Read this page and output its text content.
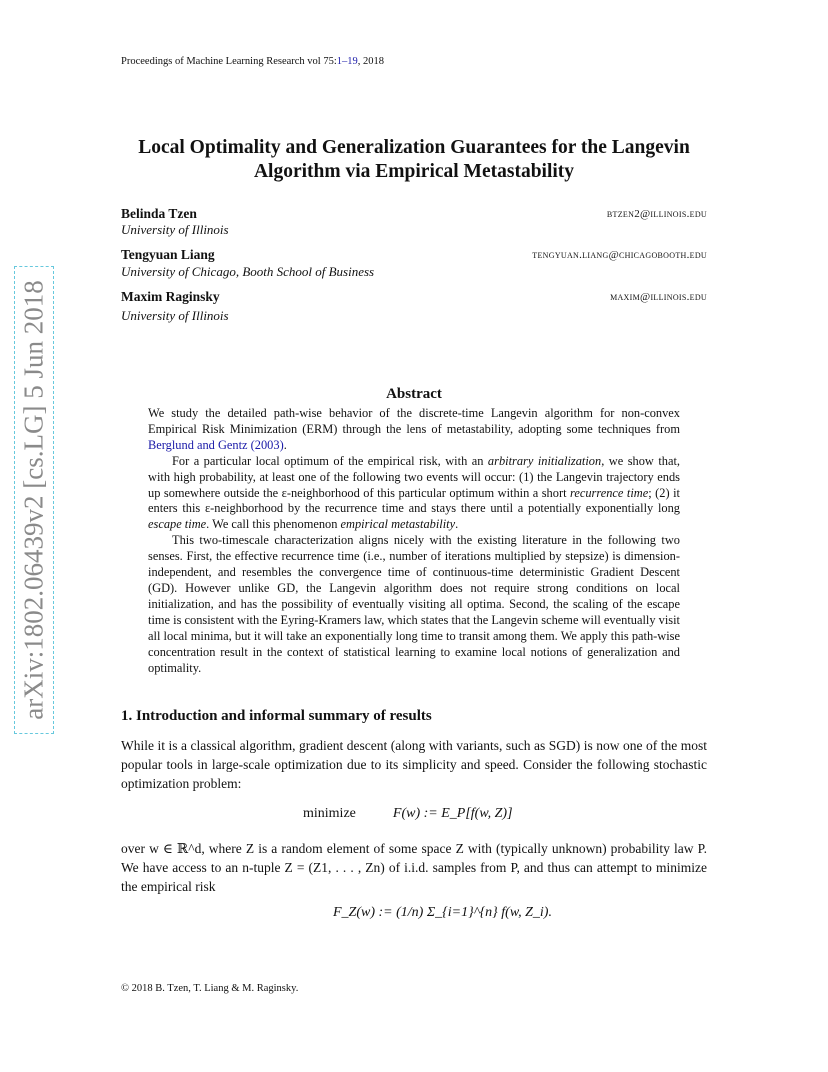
Proceedings of Machine Learning Research vol 75:1–19, 2018
arXiv:1802.06439v2 [cs.LG] 5 Jun 2018
Local Optimality and Generalization Guarantees for the Langevin
Algorithm via Empirical Metastability
Belinda Tzen	btzen2@illinois.edu
University of Illinois
Tengyuan Liang	tengyuan.liang@chicagobooth.edu
University of Chicago, Booth School of Business
Maxim Raginsky	maxim@illinois.edu
University of Illinois
Abstract

We study the detailed path-wise behavior of the discrete-time Langevin algorithm for non-convex Empirical Risk Minimization (ERM) through the lens of metastability, adopting some techniques from Berglund and Gentz (2003).

For a particular local optimum of the empirical risk, with an arbitrary initialization, we show that, with high probability, at least one of the following two events will occur: (1) the Langevin trajectory ends up somewhere outside the ε-neighborhood of this particular optimum within a short recurrence time; (2) it enters this ε-neighborhood by the recurrence time and stays there until a potentially exponentially long escape time. We call this phenomenon empirical metastability.

This two-timescale characterization aligns nicely with the existing literature in the following two senses. First, the effective recurrence time (i.e., number of iterations multiplied by stepsize) is dimension-independent, and resembles the convergence time of continuous-time deterministic Gradient Descent (GD). However unlike GD, the Langevin algorithm does not require strong conditions on local initialization, and has the possibility of eventually visiting all optima. Second, the scaling of the escape time is consistent with the Eyring-Kramers law, which states that the Langevin scheme will eventually visit all local minima, but it will take an exponentially long time to transit among them. We apply this path-wise concentration result in the context of statistical learning to examine local notions of generalization and optimality.

1. Introduction and informal summary of results

While it is a classical algorithm, gradient descent (along with variants, such as SGD) is now one of the most popular tools in large-scale optimization due to its simplicity and speed. Consider the following stochastic optimization problem:

minimize	F(w) := E_P[f(w, Z)]

over w ∈ ℝ^d, where Z is a random element of some space Z with (typically unknown) probability law P. We have access to an n-tuple Z = (Z1, . . . , Zn) of i.i.d. samples from P, and thus can attempt to minimize the empirical risk

F_Z(w) := (1/n) Σ_{i=1}^{n} f(w, Z_i).
© 2018 B. Tzen, T. Liang & M. Raginsky.
